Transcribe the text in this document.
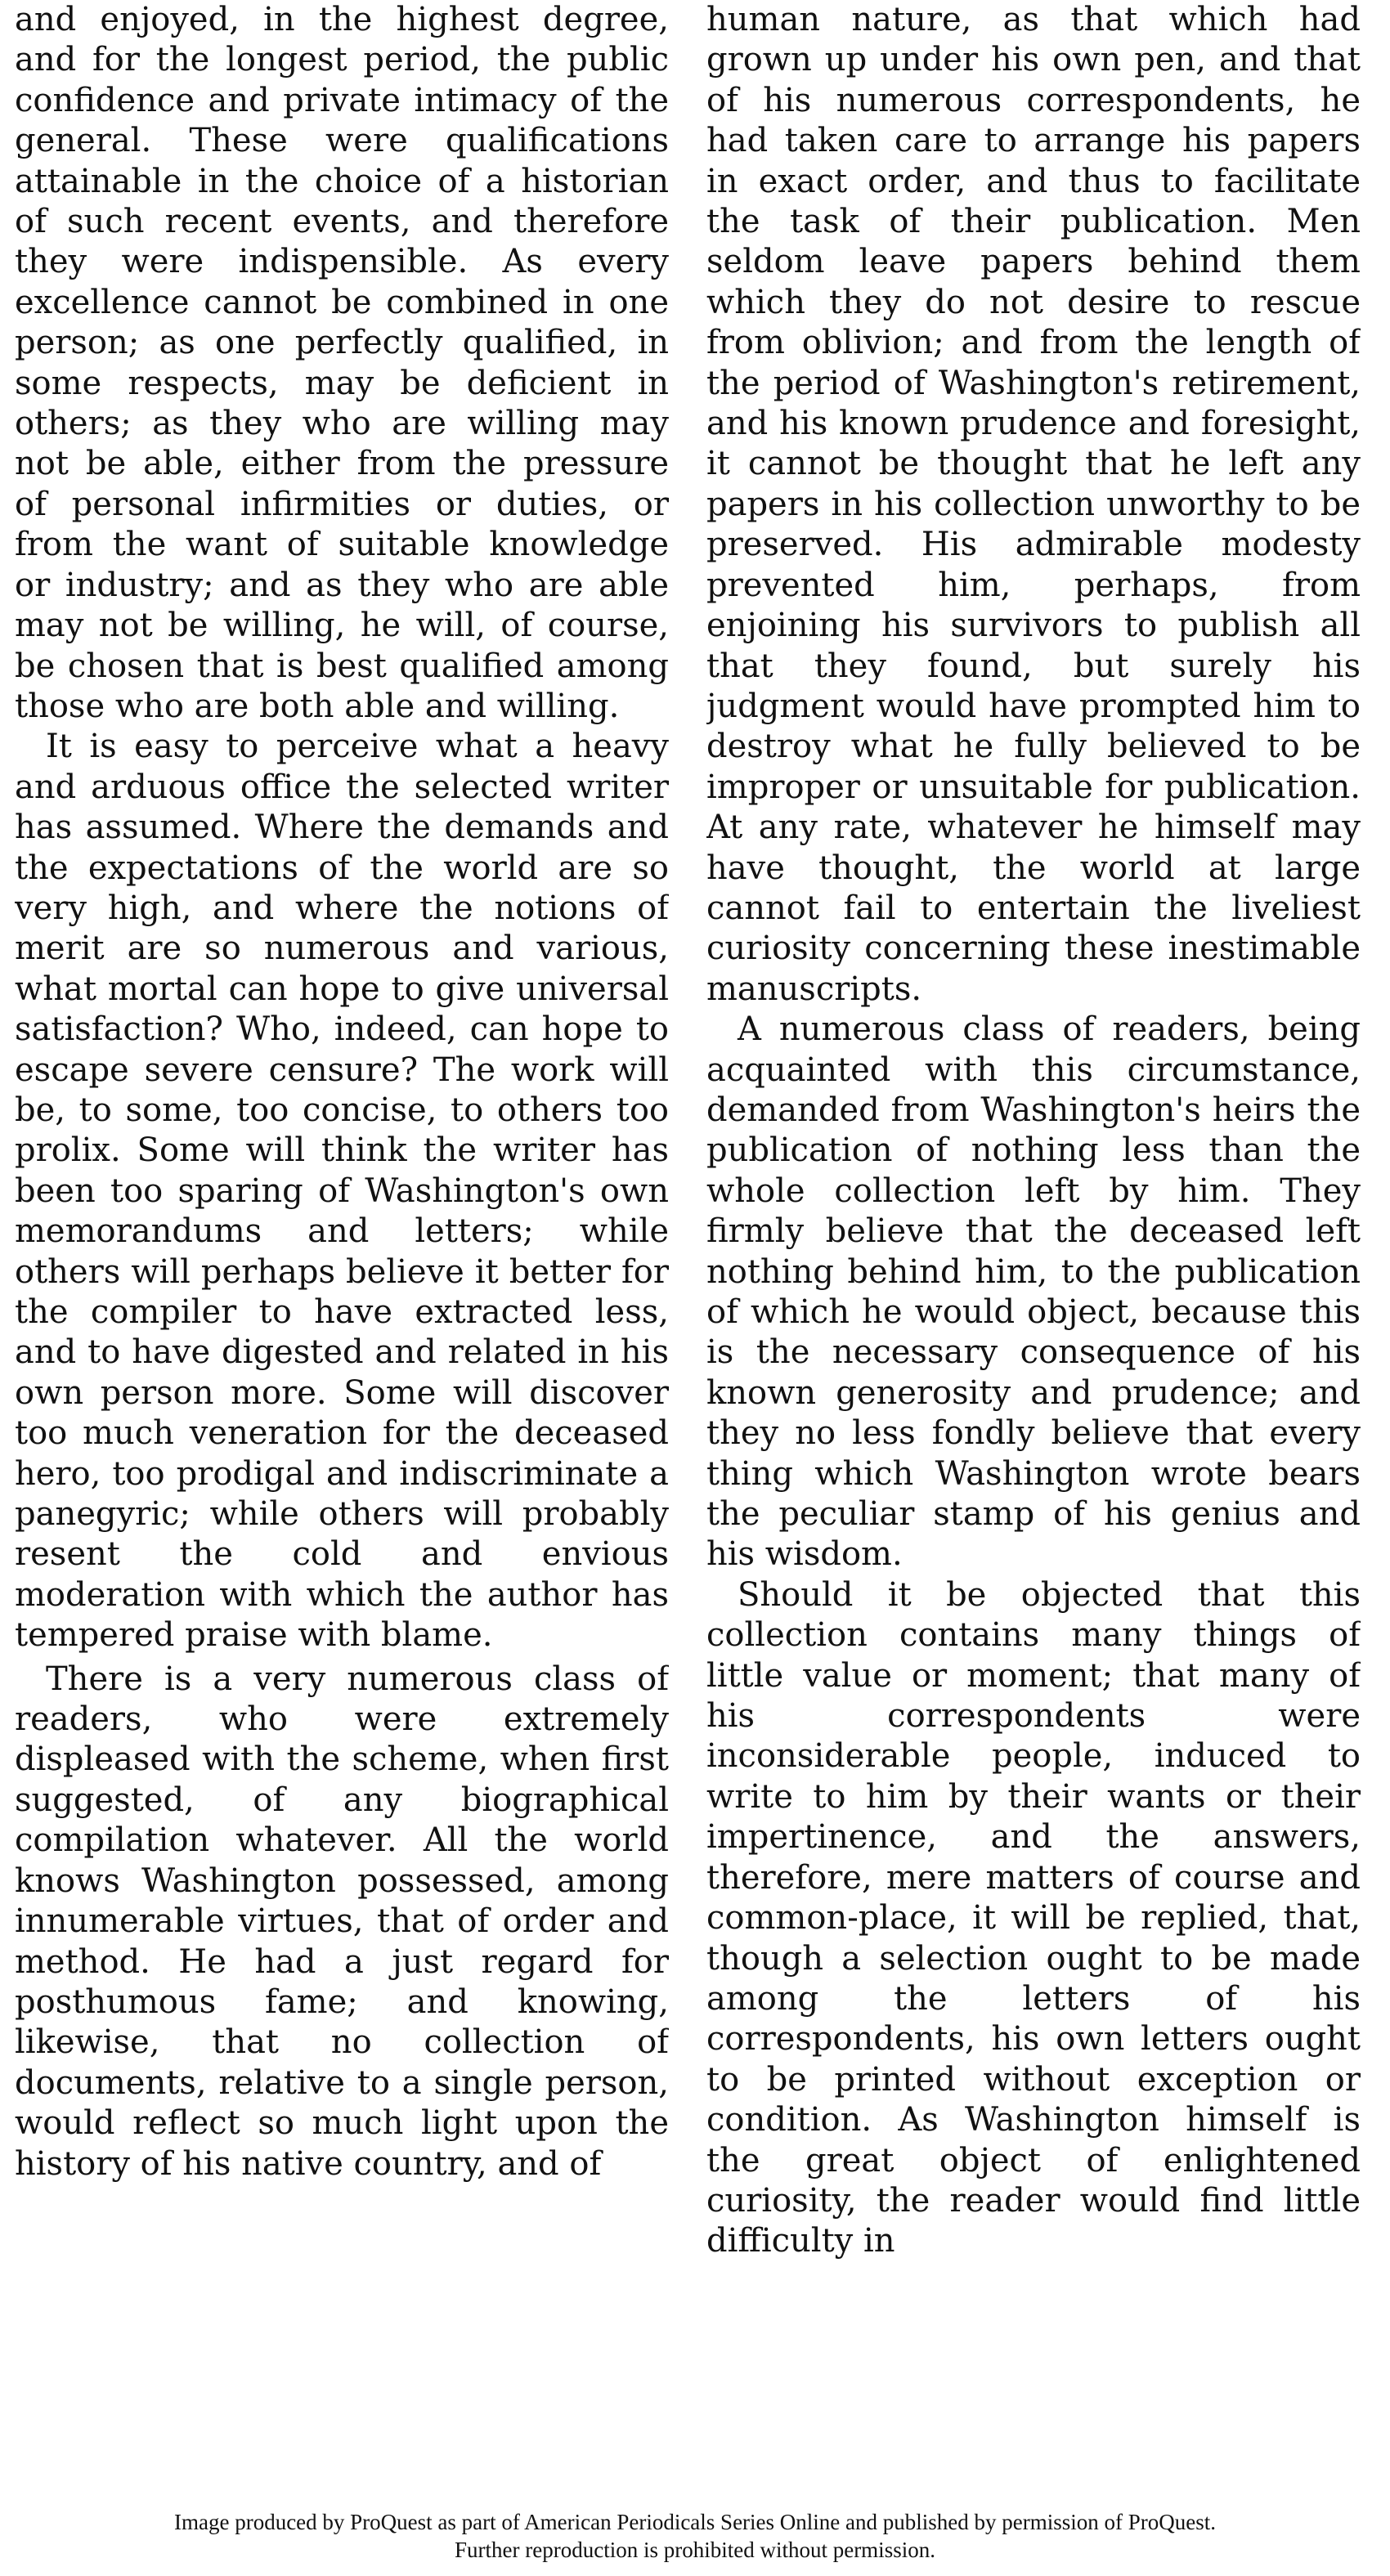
and enjoyed, in the highest degree, and for the longest period, the public confidence and private intimacy of the general. These were qualifications attainable in the choice of a historian of such recent events, and therefore they were indispensible. As every excellence cannot be combined in one person; as one perfectly qualified, in some respects, may be deficient in others; as they who are willing may not be able, either from the pressure of personal infirmities or duties, or from the want of suitable knowledge or industry; and as they who are able may not be willing, he will, of course, be chosen that is best qualified among those who are both able and willing.

It is easy to perceive what a heavy and arduous office the selected writer has assumed. Where the demands and the expectations of the world are so very high, and where the notions of merit are so numerous and various, what mortal can hope to give universal satisfaction? Who, indeed, can hope to escape severe censure? The work will be, to some, too concise, to others too prolix. Some will think the writer has been too sparing of Washington's own memorandums and letters; while others will perhaps believe it better for the compiler to have extracted less, and to have digested and related in his own person more. Some will discover too much veneration for the deceased hero, too prodigal and indiscriminate a panegyric; while others will probably resent the cold and envious moderation with which the author has tempered praise with blame.

There is a very numerous class of readers, who were extremely displeased with the scheme, when first suggested, of any biographical compilation whatever. All the world knows Washington possessed, among innumerable virtues, that of order and method. He had a just regard for posthumous fame; and knowing, likewise, that no collection of documents, relative to a single person, would reflect so much light upon the history of his native country, and of

human nature, as that which had grown up under his own pen, and that of his numerous correspondents, he had taken care to arrange his papers in exact order, and thus to facilitate the task of their publication. Men seldom leave papers behind them which they do not desire to rescue from oblivion; and from the length of the period of Washington's retirement, and his known prudence and foresight, it cannot be thought that he left any papers in his collection unworthy to be preserved. His admirable modesty prevented him, perhaps, from enjoining his survivors to publish all that they found, but surely his judgment would have prompted him to destroy what he fully believed to be improper or unsuitable for publication. At any rate, whatever he himself may have thought, the world at large cannot fail to entertain the liveliest curiosity concerning these inestimable manuscripts.

A numerous class of readers, being acquainted with this circumstance, demanded from Washington's heirs the publication of nothing less than the whole collection left by him. They firmly believe that the deceased left nothing behind him, to the publication of which he would object, because this is the necessary consequence of his known generosity and prudence; and they no less fondly believe that every thing which Washington wrote bears the peculiar stamp of his genius and his wisdom.

Should it be objected that this collection contains many things of little value or moment; that many of his correspondents were inconsiderable people, induced to write to him by their wants or their impertinence, and the answers, therefore, mere matters of course and common-place, it will be replied, that, though a selection ought to be made among the letters of his correspondents, his own letters ought to be printed without exception or condition. As Washington himself is the great object of enlightened curiosity, the reader would find little difficulty in

Image produced by ProQuest as part of American Periodicals Series Online and published by permission of ProQuest.
Further reproduction is prohibited without permission.
